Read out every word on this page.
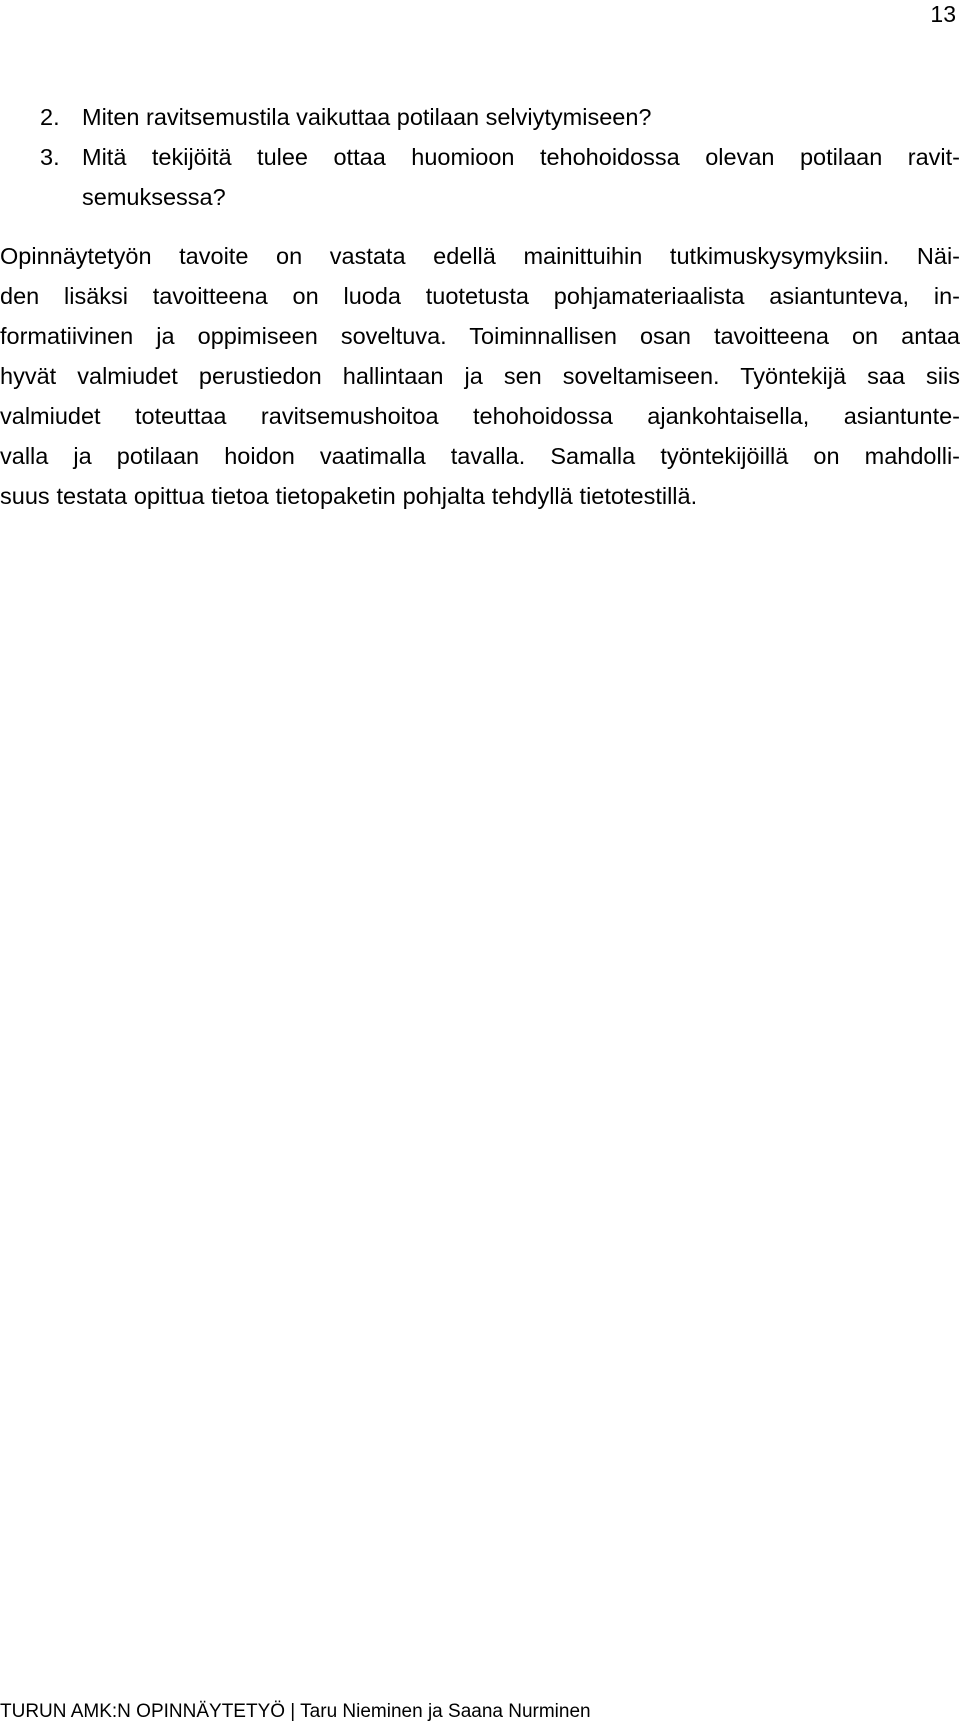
13
2. Miten ravitsemustila vaikuttaa potilaan selviytymiseen?
3. Mitä tekijöitä tulee ottaa huomioon tehohoidossa olevan potilaan ravit-
semuksessa?
Opinnäytetyön tavoite on vastata edellä mainittuihin tutkimuskysymyksiin. Näi-
den lisäksi tavoitteena on luoda tuotetusta pohjamateriaalista asiantunteva, in-
formatiivinen ja oppimiseen soveltuva. Toiminnallisen osan tavoitteena on antaa
hyvät valmiudet perustiedon hallintaan ja sen soveltamiseen. Työntekijä saa siis
valmiudet toteuttaa ravitsemushoitoa tehohoidossa ajankohtaisella, asiantunte-
valla ja potilaan hoidon vaatimalla tavalla. Samalla työntekijöillä on mahdolli-
suus testata opittua tietoa tietopaketin pohjalta tehdyllä tietotestillä.
TURUN AMK:N OPINNÄYTETYÖ | Taru Nieminen ja Saana Nurminen
